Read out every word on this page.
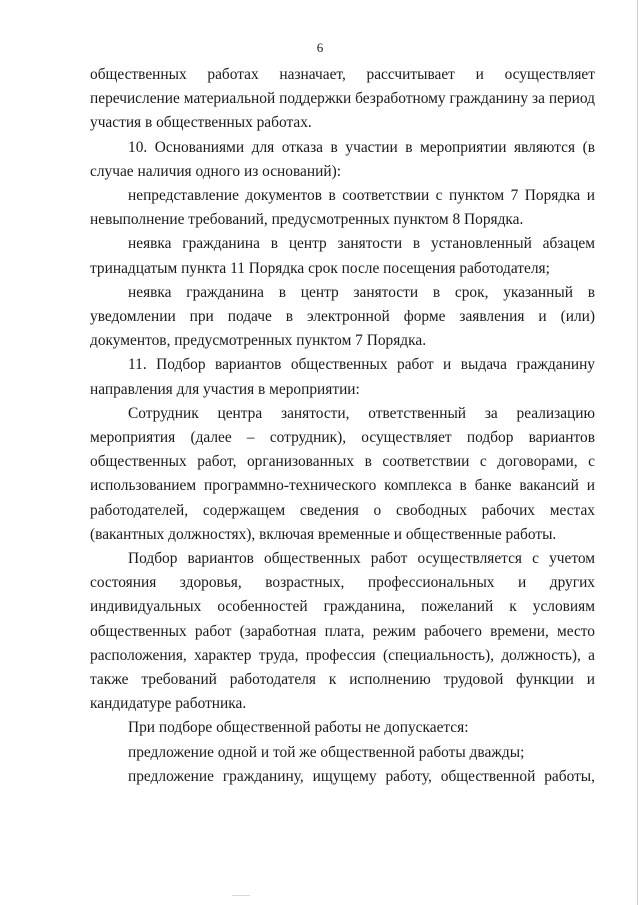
6

общественных работах назначает, рассчитывает и осуществляет перечисление материальной поддержки безработному гражданину за период участия в общественных работах.

10. Основаниями для отказа в участии в мероприятии являются (в случае наличия одного из оснований):

непредставление документов в соответствии с пунктом 7 Порядка и невыполнение требований, предусмотренных пунктом 8 Порядка.

неявка гражданина в центр занятости в установленный абзацем тринадцатым пункта 11 Порядка срок после посещения работодателя;

неявка гражданина в центр занятости в срок, указанный в уведомлении при подаче в электронной форме заявления и (или) документов, предусмотренных пунктом 7 Порядка.

11. Подбор вариантов общественных работ и выдача гражданину направления для участия в мероприятии:

Сотрудник центра занятости, ответственный за реализацию мероприятия (далее – сотрудник), осуществляет подбор вариантов общественных работ, организованных в соответствии с договорами, с использованием программно-технического комплекса в банке вакансий и работодателей, содержащем сведения о свободных рабочих местах (вакантных должностях), включая временные и общественные работы.

Подбор вариантов общественных работ осуществляется с учетом состояния здоровья, возрастных, профессиональных и других индивидуальных особенностей гражданина, пожеланий к условиям общественных работ (заработная плата, режим рабочего времени, место расположения, характер труда, профессия (специальность), должность), а также требований работодателя к исполнению трудовой функции и кандидатуре работника.

При подборе общественной работы не допускается:

предложение одной и той же общественной работы дважды;

предложение гражданину, ищущему работу, общественной работы,
